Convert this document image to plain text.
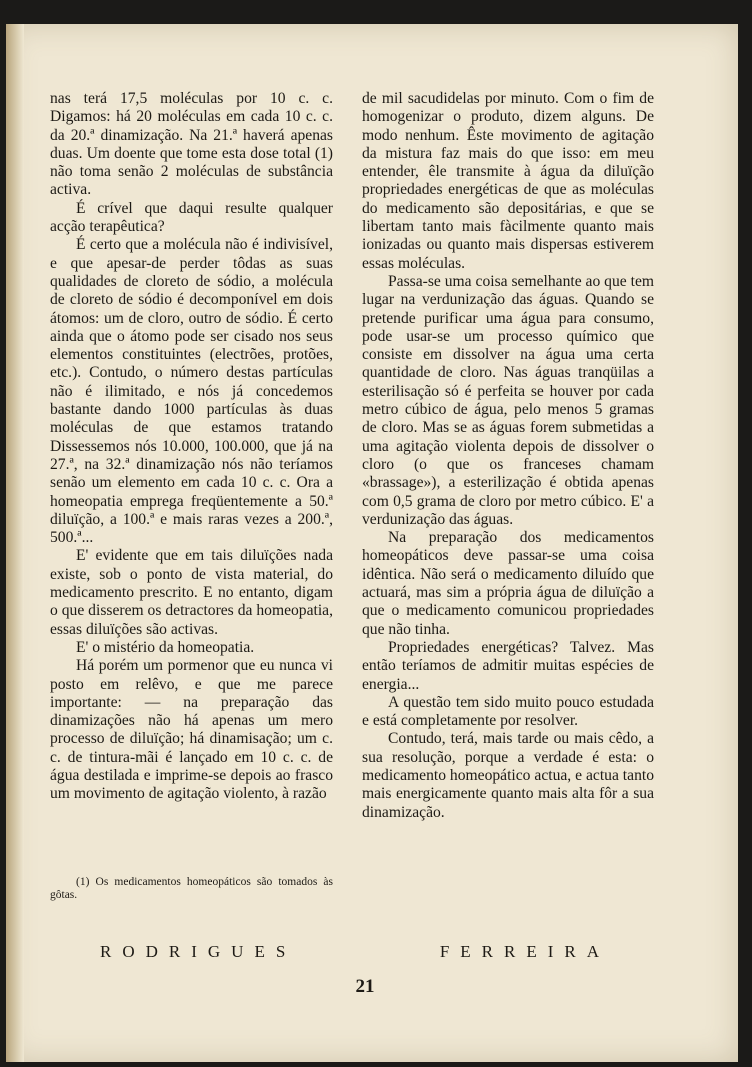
nas terá 17,5 moléculas por 10 c. c. Digamos: há 20 moléculas em cada 10 c. c. da 20.ª dinamização. Na 21.ª haverá apenas duas. Um doente que tome esta dose total (1) não toma senão 2 moléculas de substância activa.

É crível que daqui resulte qualquer acção terapêutica?

É certo que a molécula não é indivisível, e que apesar-de perder tôdas as suas qualidades de cloreto de sódio, a molécula de cloreto de sódio é decomponível em dois átomos: um de cloro, outro de sódio. É certo ainda que o átomo pode ser cisado nos seus elementos constituintes (electrões, protões, etc.). Contudo, o número destas partículas não é ilimitado, e nós já concedemos bastante dando 1000 partículas às duas moléculas de que estamos tratando Dissessemos nós 10.000, 100.000, que já na 27.ª, na 32.ª dinamização nós não teríamos senão um elemento em cada 10 c. c. Ora a homeopatia emprega freqüentemente a 50.ª diluïção, a 100.ª e mais raras vezes a 200.ª, 500.ª...

E' evidente que em tais diluïções nada existe, sob o ponto de vista material, do medicamento prescrito. E no entanto, digam o que disserem os detractores da homeopatia, essas diluïções são activas.

E' o mistério da homeopatia.

Há porém um pormenor que eu nunca vi posto em relêvo, e que me parece importante: — na preparação das dinamizações não há apenas um mero processo de diluïção; há dinamisação; um c. c. de tintura-mãi é lançado em 10 c. c. de água destilada e imprime-se depois ao frasco um movimento de agitação violento, à razão

de mil sacudidelas por minuto. Com o fim de homogenizar o produto, dizem alguns. De modo nenhum. Êste movimento de agitação da mistura faz mais do que isso: em meu entender, êle transmite à água da diluïção propriedades energéticas de que as moléculas do medicamento são depositárias, e que se libertam tanto mais fàcilmente quanto mais ionizadas ou quanto mais dispersas estiverem essas moléculas.

Passa-se uma coisa semelhante ao que tem lugar na verdunização das águas. Quando se pretende purificar uma água para consumo, pode usar-se um processo químico que consiste em dissolver na água uma certa quantidade de cloro. Nas águas tranqüilas a esterilisação só é perfeita se houver por cada metro cúbico de água, pelo menos 5 gramas de cloro. Mas se as águas forem submetidas a uma agitação violenta depois de dissolver o cloro (o que os franceses chamam «brassage»), a esterilização é obtida apenas com 0,5 grama de cloro por metro cúbico. E' a verdunização das águas.

Na preparação dos medicamentos homeopáticos deve passar-se uma coisa idêntica. Não será o medicamento diluído que actuará, mas sim a própria água de diluïção a que o medicamento comunicou propriedades que não tinha.

Propriedades energéticas? Talvez. Mas então teríamos de admitir muitas espécies de energia...

A questão tem sido muito pouco estudada e está completamente por resolver.

Contudo, terá, mais tarde ou mais cêdo, a sua resolução, porque a verdade é esta: o medicamento homeopático actua, e actua tanto mais energicamente quanto mais alta fôr a sua dinamização.

(1) Os medicamentos homeopáticos são tomados às gôtas.
RODRIGUES	FERREIRA
21
